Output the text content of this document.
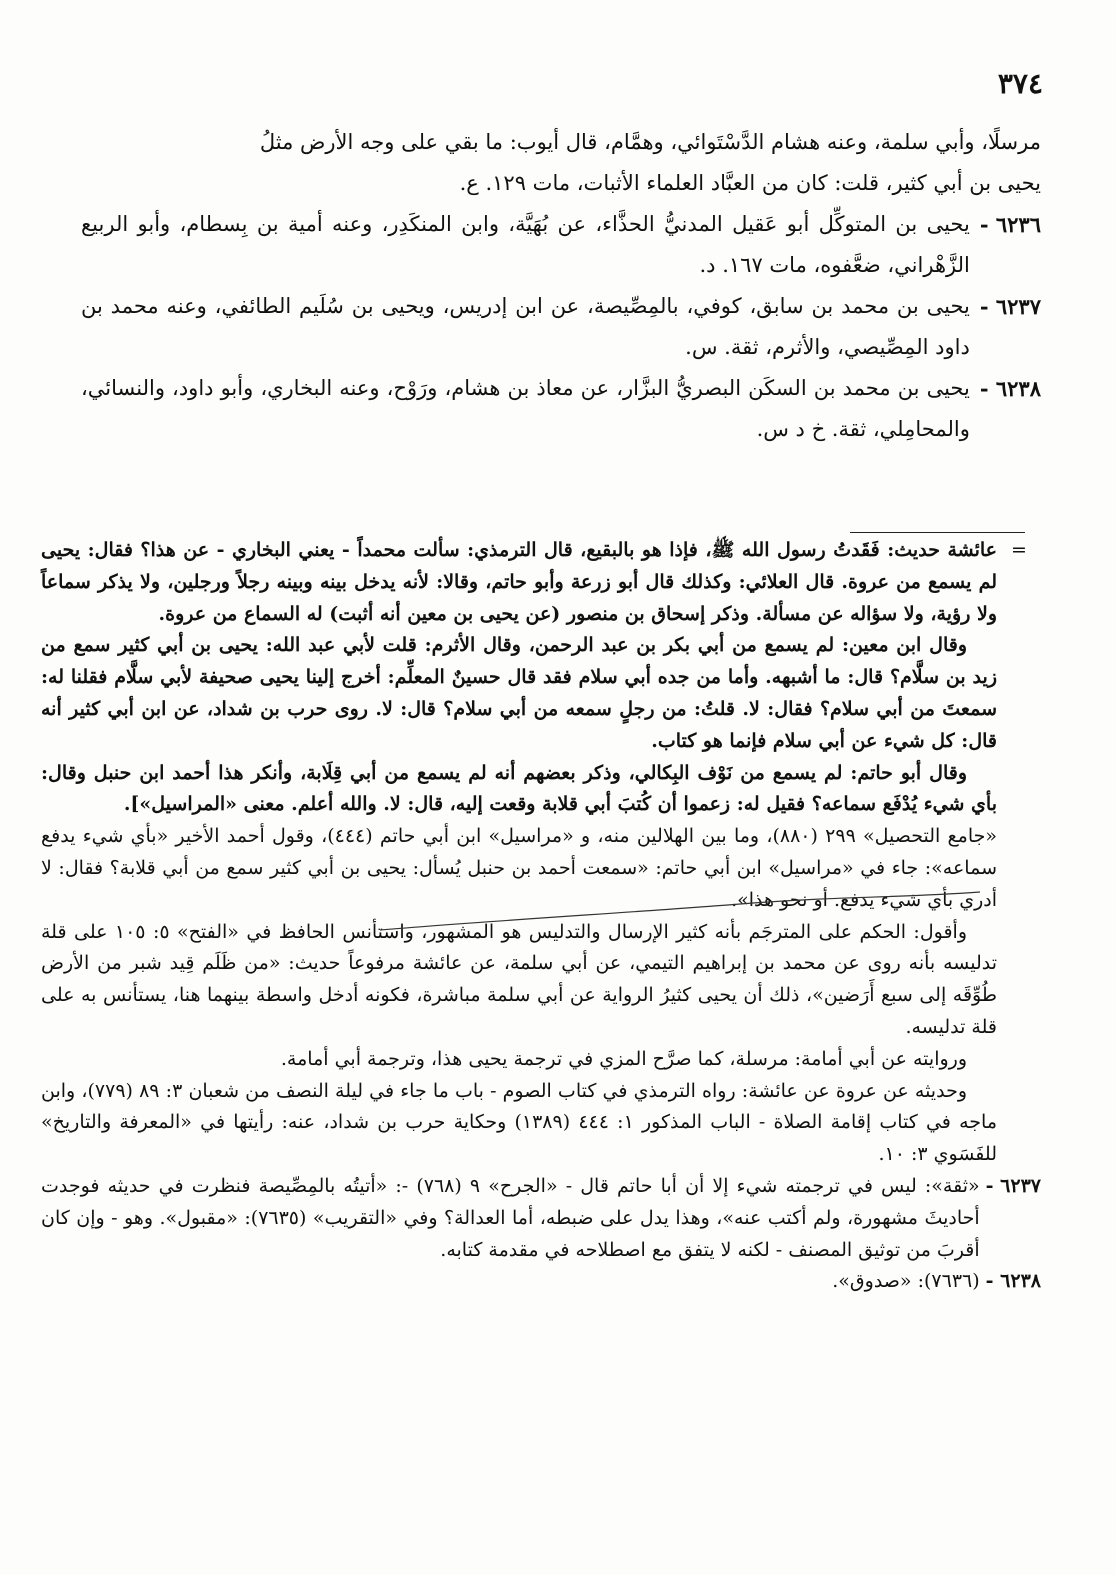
٣٧٤

مرسلًا، وأبي سلمة، وعنه هشام الدَّسْتَوائي، وهمَّام، قال أيوب: ما بقي على وجه الأرض مثلُ

يحيى بن أبي كثير، قلت: كان من العبَّاد العلماء الأثبات، مات ١٢٩. ع.

٦٢٣٦ -
يحيى بن المتوكِّل أبو عَقيل المدنيُّ الحذَّاء، عن بُهَيَّة، وابن المنكَدِر، وعنه أمية بن بِسطام، وأبو الربيع الزَّهْراني، ضعَّفوه، مات ١٦٧. د.
٦٢٣٧ -
يحيى بن محمد بن سابق، كوفي، بالمِصِّيصة، عن ابن إدريس، ويحيى بن سُلَيم الطائفي، وعنه محمد بن داود المِصِّيصي، والأثرم، ثقة. س.
٦٢٣٨ -
يحيى بن محمد بن السكَن البصريُّ البزَّار، عن معاذ بن هشام، ورَوْح، وعنه البخاري، وأبو داود، والنسائي، والمحامِلي، ثقة. خ د س.
=

عائشة حديث: فَقَدتُ رسول الله ﷺ، فإذا هو بالبقيع، قال الترمذي: سألت محمداً - يعني البخاري - عن هذا؟ فقال: يحيى لم يسمع من عروة. قال العلائي: وكذلك قال أبو زرعة وأبو حاتم، وقالا: لأنه يدخل بينه وبينه رجلاً ورجلين، ولا يذكر سماعاً ولا رؤية، ولا سؤاله عن مسألة. وذكر إسحاق بن منصور (عن يحيى بن معين أنه أثبت) له السماع من عروة.

وقال ابن معين: لم يسمع من أبي بكر بن عبد الرحمن، وقال الأثرم: قلت لأبي عبد الله: يحيى بن أبي كثير سمع من زيد بن سلَّام؟ قال: ما أشبهه. وأما من جده أبي سلام فقد قال حسينٌ المعلِّم: أخرج إلينا يحيى صحيفة لأبي سلَّام فقلنا له: سمعتَ من أبي سلام؟ فقال: لا. قلتُ: من رجلٍ سمعه من أبي سلام؟ قال: لا. روى حرب بن شداد، عن ابن أبي كثير أنه قال: كل شيء عن أبي سلام فإنما هو كتاب.

وقال أبو حاتم: لم يسمع من نَوْف البِكالي، وذكر بعضهم أنه لم يسمع من أبي قِلَابة، وأنكر هذا أحمد ابن حنبل وقال: بأي شيء يُدْفَع سماعه؟ فقيل له: زعموا أن كُتبَ أبي قلابة وقعت إليه، قال: لا. والله أعلم. معنى «المراسيل»].

«جامع التحصيل» ٢٩٩ (٨٨٠)، وما بين الهلالين منه، و «مراسيل» ابن أبي حاتم (٤٤٤)، وقول أحمد الأخير «بأي شيء يدفع سماعه»: جاء في «مراسيل» ابن أبي حاتم: «سمعت أحمد بن حنبل يُسأل: يحيى بن أبي كثير سمع من أبي قلابة؟ فقال: لا أدري بأي شيء يدفع. أو نحو هذا».

وأقول: الحكم على المترجَم بأنه كثير الإرسال والتدليس هو المشهور، واستأنس الحافظ في «الفتح» ٥: ١٠٥ على قلة تدليسه بأنه روى عن محمد بن إبراهيم التيمي، عن أبي سلمة، عن عائشة مرفوعاً حديث: «من ظَلَم قِيد شبر من الأرض طُوِّقَه إلى سبع أَرَضين»، ذلك أن يحيى كثيرُ الرواية عن أبي سلمة مباشرة، فكونه أدخل واسطة بينهما هنا، يستأنس به على قلة تدليسه.

وروايته عن أبي أمامة: مرسلة، كما صرَّح المزي في ترجمة يحيى هذا، وترجمة أبي أمامة.

وحديثه عن عروة عن عائشة: رواه الترمذي في كتاب الصوم - باب ما جاء في ليلة النصف من شعبان ٣: ٨٩ (٧٧٩)، وابن ماجه في كتاب إقامة الصلاة - الباب المذكور ١: ٤٤٤ (١٣٨٩) وحكاية حرب بن شداد، عنه: رأيتها في «المعرفة والتاريخ» للفَسَوي ٣: ١٠.

٦٢٣٧ -
«ثقة»: ليس في ترجمته شيء إلا أن أبا حاتم قال - «الجرح» ٩ (٧٦٨) -: «أتيتُه بالمِصِّيصة فنظرت في حديثه فوجدت أحاديثَ مشهورة، ولم أكتب عنه»، وهذا يدل على ضبطه، أما العدالة؟ وفي «التقريب» (٧٦٣٥): «مقبول». وهو - وإن كان أقربَ من توثيق المصنف - لكنه لا يتفق مع اصطلاحه في مقدمة كتابه.
٦٢٣٨ -
(٧٦٣٦): «صدوق».
